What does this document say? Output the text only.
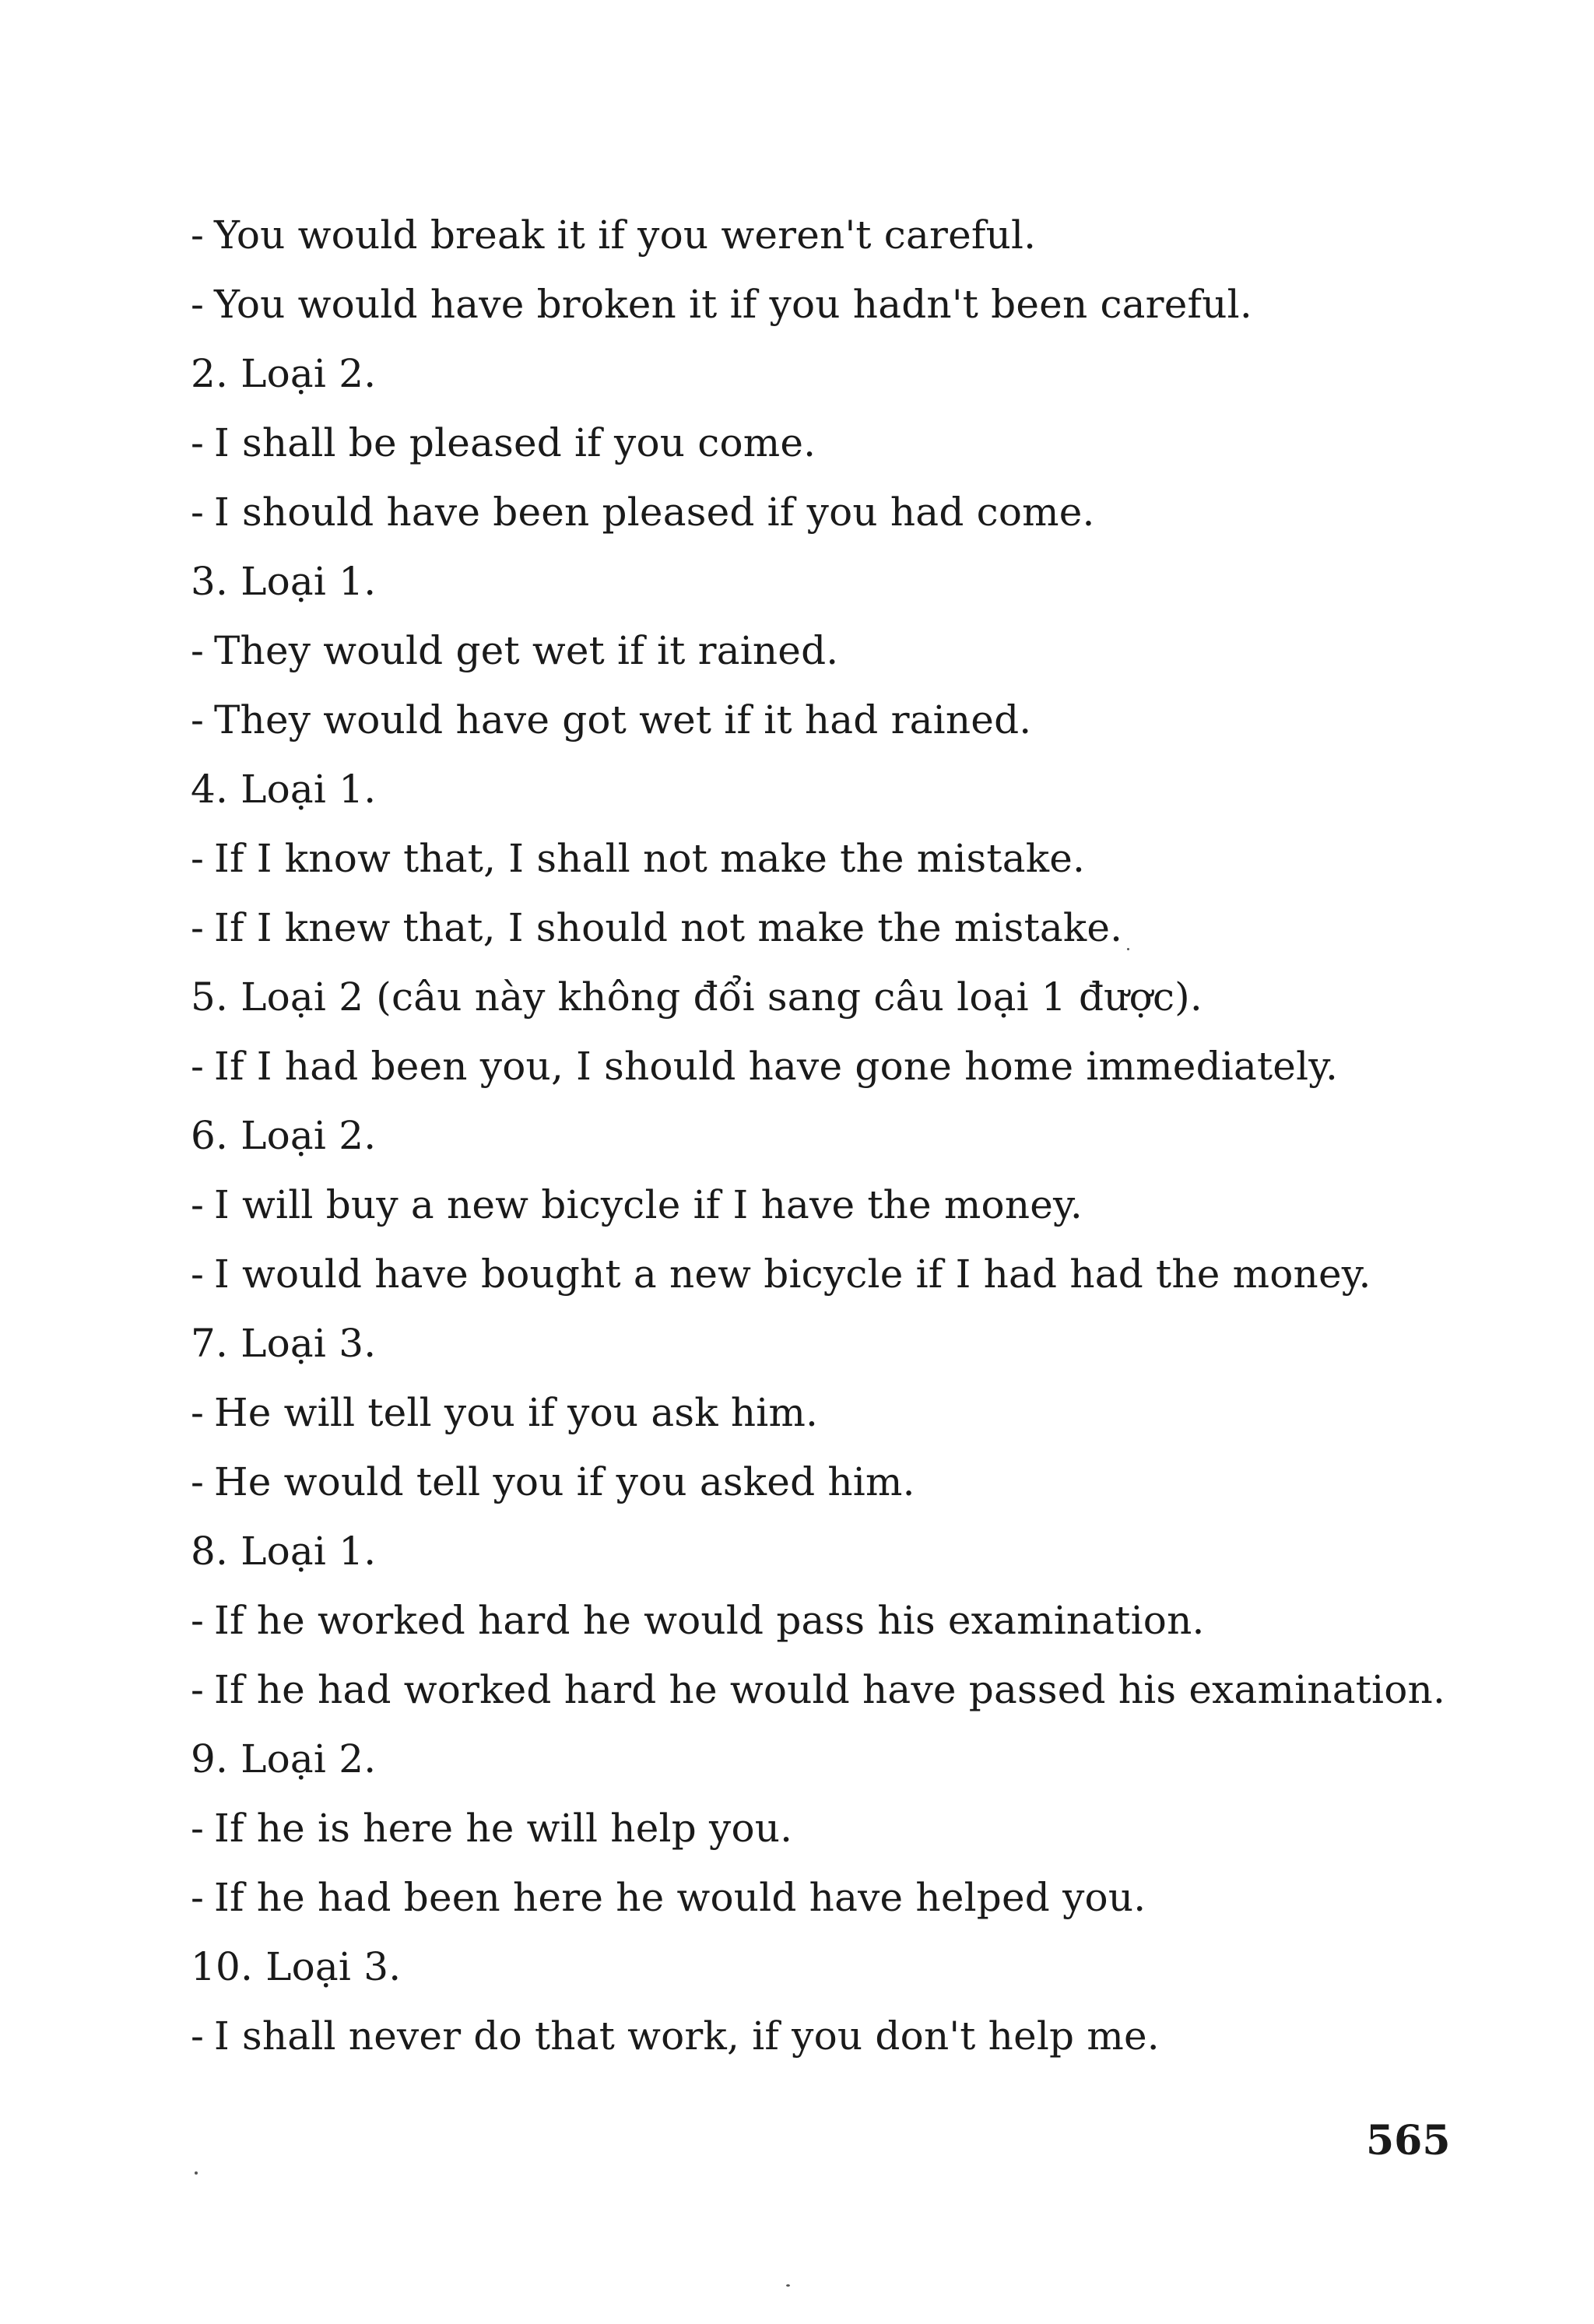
- You would break it if you weren't careful.
- You would have broken it if you hadn't been careful.
2. Loại 2.
- I shall be pleased if you come.
- I should have been pleased if you had come.
3. Loại 1.
- They would get wet if it rained.
- They would have got wet if it had rained.
4. Loại 1.
- If I know that, I shall not make the mistake.
- If I knew that, I should not make the mistake.
5. Loại 2 (câu này không đổi sang câu loại 1 được).
- If I had been you, I should have gone home immediately.
6. Loại 2.
- I will buy a new bicycle if I have the money.
- I would have bought a new bicycle if I had had the money.
7. Loại 3.
- He will tell you if you ask him.
- He would tell you if you asked him.
8. Loại 1.
- If he worked hard he would pass his examination.
- If he had worked hard he would have passed his examination.
9. Loại 2.
- If he is here he will help you.
- If he had been here he would have helped you.
10. Loại 3.
- I shall never do that work, if you don't help me.
565
